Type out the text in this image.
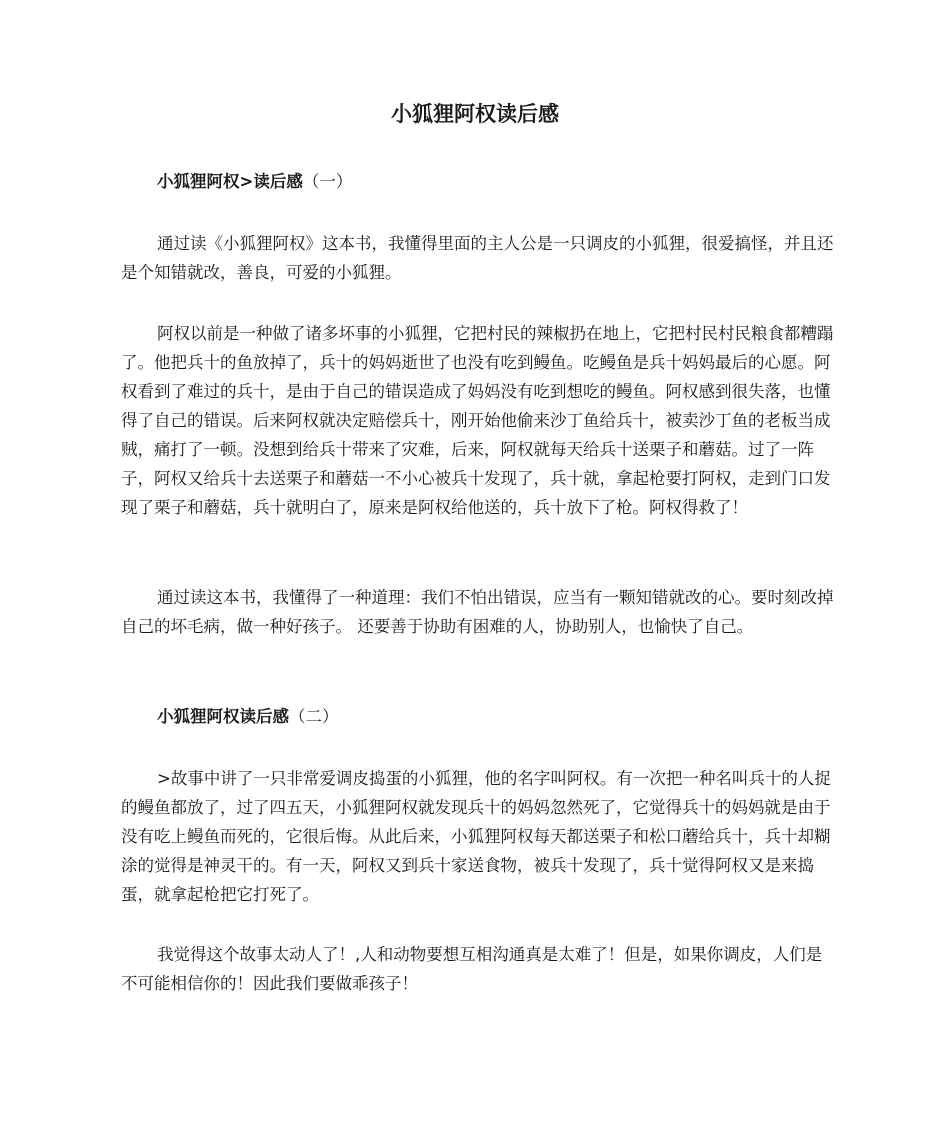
小狐狸阿权读后感
小狐狸阿权>读后感（一）

通过读《小狐狸阿权》这本书，我懂得里面的主人公是一只调皮的小狐狸，很爱搞怪，并且还是个知错就改，善良，可爱的小狐狸。

阿权以前是一种做了诸多坏事的小狐狸，它把村民的辣椒扔在地上，它把村民村民粮食都糟蹋了。他把兵十的鱼放掉了，兵十的妈妈逝世了也没有吃到鳗鱼。吃鳗鱼是兵十妈妈最后的心愿。阿权看到了难过的兵十，是由于自己的错误造成了妈妈没有吃到想吃的鳗鱼。阿权感到很失落，也懂得了自己的错误。后来阿权就决定赔偿兵十，刚开始他偷来沙丁鱼给兵十，被卖沙丁鱼的老板当成贼，痛打了一顿。没想到给兵十带来了灾难，后来，阿权就每天给兵十送栗子和蘑菇。过了一阵子，阿权又给兵十去送栗子和蘑菇一不小心被兵十发现了，兵十就，拿起枪要打阿权，走到门口发现了栗子和蘑菇，兵十就明白了，原来是阿权给他送的，兵十放下了枪。阿权得救了！

通过读这本书，我懂得了一种道理：我们不怕出错误，应当有一颗知错就改的心。要时刻改掉自己的坏毛病，做一种好孩子。 还要善于协助有困难的人，协助别人，也愉快了自己。

小狐狸阿权读后感（二）

>故事中讲了一只非常爱调皮捣蛋的小狐狸，他的名字叫阿权。有一次把一种名叫兵十的人捉的鳗鱼都放了，过了四五天，小狐狸阿权就发现兵十的妈妈忽然死了，它觉得兵十的妈妈就是由于没有吃上鳗鱼而死的，它很后悔。从此后来，小狐狸阿权每天都送栗子和松口蘑给兵十，兵十却糊涂的觉得是神灵干的。有一天，阿权又到兵十家送食物，被兵十发现了，兵十觉得阿权又是来捣蛋，就拿起枪把它打死了。

我觉得这个故事太动人了！,人和动物要想互相沟通真是太难了！但是，如果你调皮，人们是不可能相信你的！因此我们要做乖孩子！
